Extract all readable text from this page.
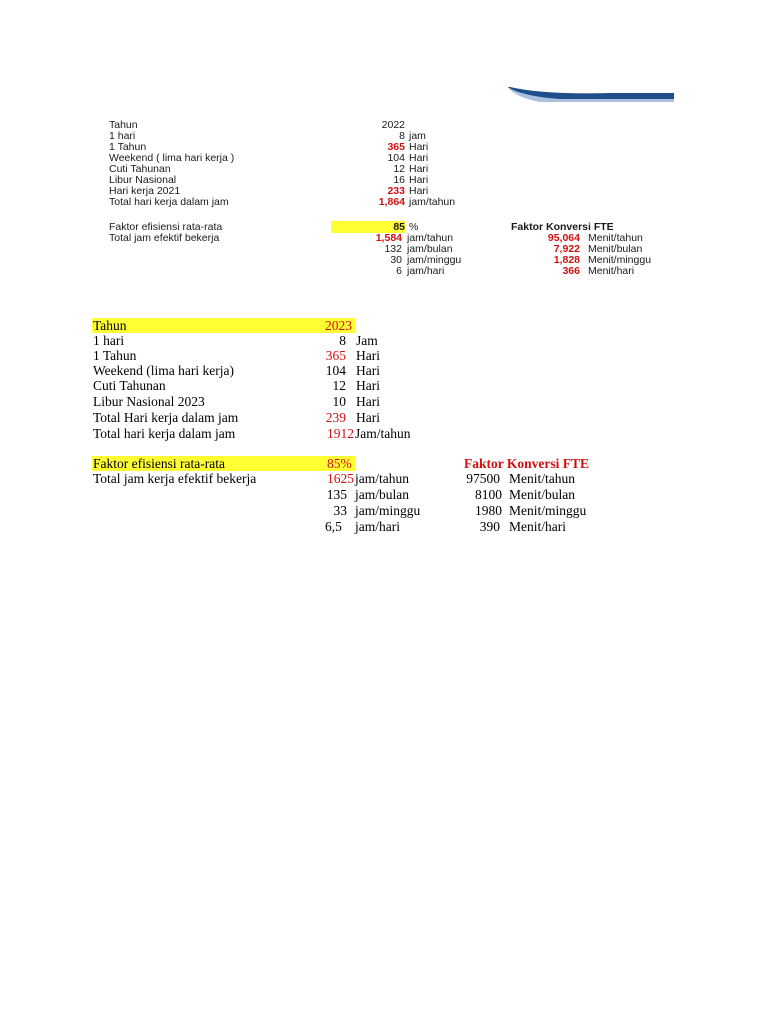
Tahun	2022
1 hari	8 jam
1 Tahun	365 Hari
Weekend ( lima hari kerja )	104 Hari
Cuti Tahunan	12 Hari
Libur Nasional	16 Hari
Hari kerja 2021	233 Hari
Total hari kerja dalam jam	1,864 jam/tahun
Faktor efisiensi rata-rata	85 %	Faktor Konversi FTE
Total jam efektif bekerja	1,584 jam/tahun	95,064 Menit/tahun
132 jam/bulan	7,922 Menit/bulan
30 jam/minggu	1,828 Menit/minggu
6 jam/hari	366 Menit/hari
Tahun	2023
1 hari	8 Jam
1 Tahun	365 Hari
Weekend (lima hari kerja)	104 Hari
Cuti Tahunan	12 Hari
Libur Nasional 2023	10 Hari
Total Hari kerja dalam jam	239 Hari
Total hari kerja dalam jam	1912 Jam/tahun
Faktor efisiensi rata-rata	85%	Faktor Konversi FTE
Total jam kerja efektif bekerja	1625 jam/tahun	97500 Menit/tahun
135 jam/bulan	8100 Menit/bulan
33 jam/minggu	1980 Menit/minggu
6,5 jam/hari	390 Menit/hari
